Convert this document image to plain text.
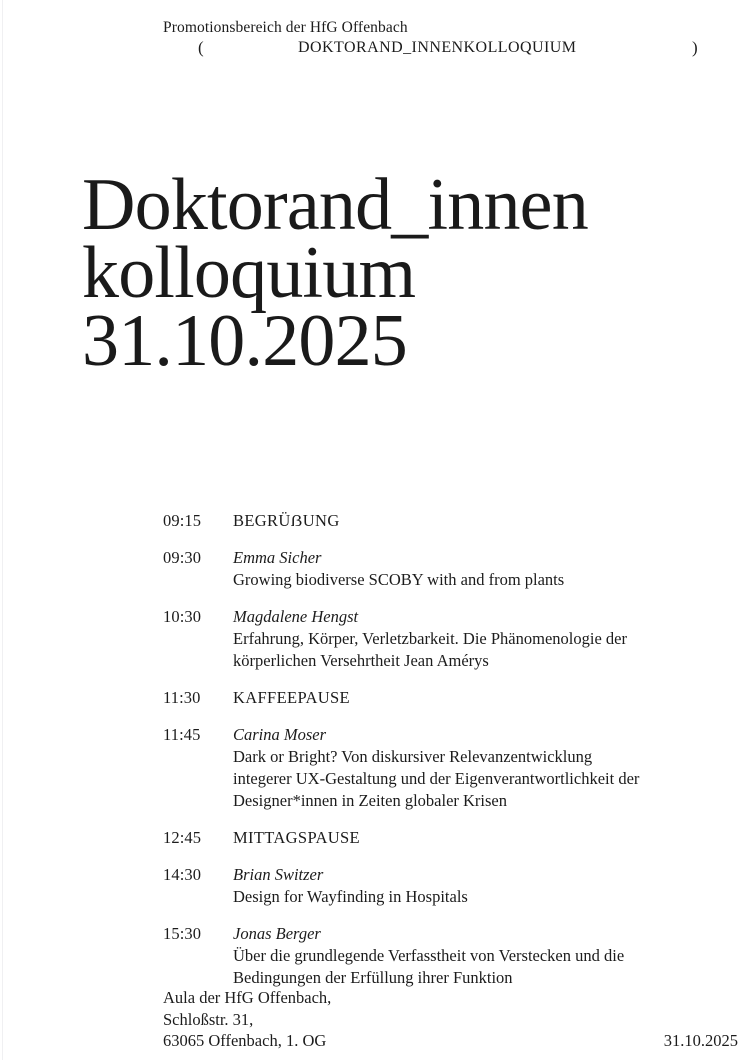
Promotionsbereich der HfG Offenbach
(	DOKTORAND_INNENKOLLOQUIUM	)
Doktorand_innen
kolloquium
31.10.2025
09:15	BEGRÜẞUNG
09:30	Emma Sicher
Growing biodiverse SCOBY with and from plants
10:30	Magdalene Hengst
Erfahrung, Körper, Verletzbarkeit. Die Phänomenologie der körperlichen Versehrtheit Jean Amérys
11:30	KAFFEEPAUSE
11:45	Carina Moser
Dark or Bright? Von diskursiver Relevanzentwicklung integerer UX-Gestaltung und der Eigenverantwortlichkeit der Designer*innen in Zeiten globaler Krisen
12:45	MITTAGSPAUSE
14:30	Brian Switzer
Design for Wayfinding in Hospitals
15:30	Jonas Berger
Über die grundlegende Verfasstheit von Verstecken und die Bedingungen der Erfüllung ihrer Funktion
Aula der HfG Offenbach,
Schloßstr. 31,
63065 Offenbach, 1. OG	31.10.2025
